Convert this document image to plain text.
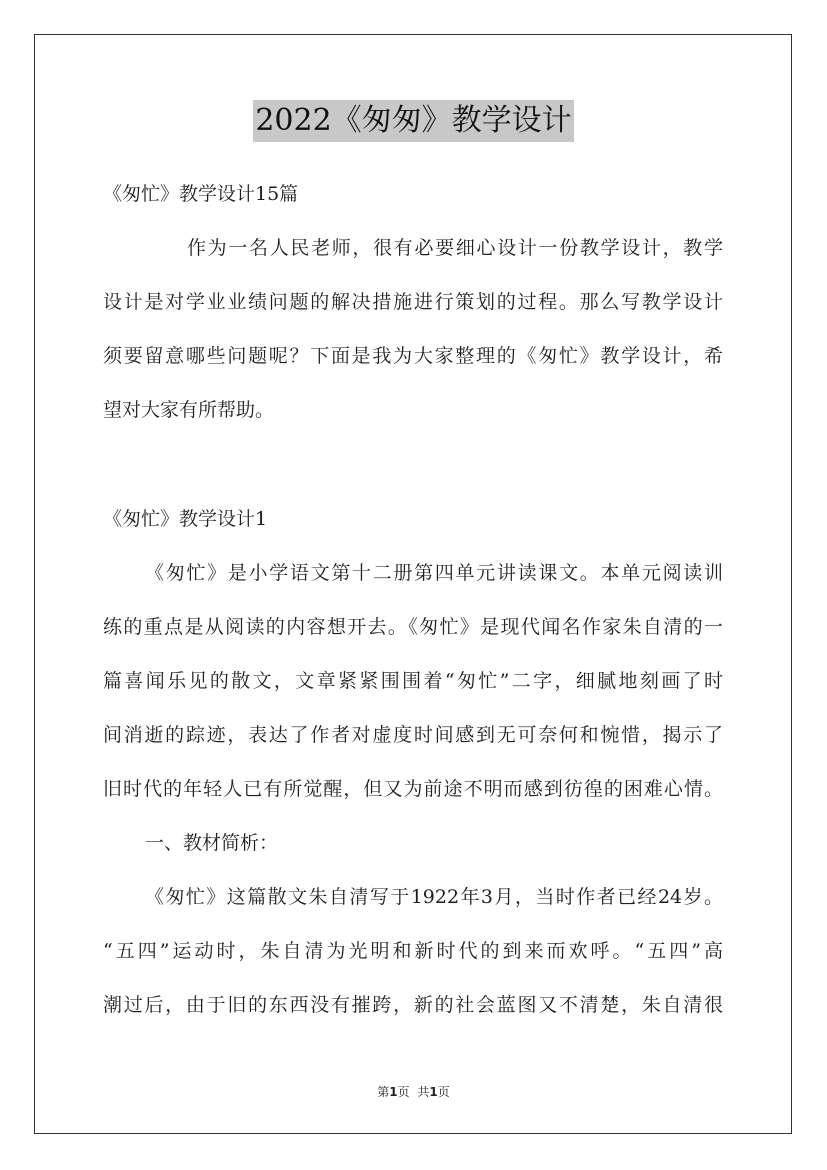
2022《匆匆》教学设计
《匆忙》教学设计15篇
作为一名人民老师，很有必要细心设计一份教学设计，教学
设计是对学业业绩问题的解决措施进行策划的过程。那么写教学设计
须要留意哪些问题呢？下面是我为大家整理的《匆忙》教学设计，希
望对大家有所帮助。
《匆忙》教学设计1
《匆忙》是小学语文第十二册第四单元讲读课文。本单元阅读训
练的重点是从阅读的内容想开去。《匆忙》是现代闻名作家朱自清的一
篇喜闻乐见的散文，文章紧紧围围着“匆忙”二字，细腻地刻画了时
间消逝的踪迹，表达了作者对虚度时间感到无可奈何和惋惜，揭示了
旧时代的年轻人已有所觉醒，但又为前途不明而感到彷徨的困难心情。
一、教材简析：
《匆忙》这篇散文朱自清写于1922年3月，当时作者已经24岁。
“五四”运动时，朱自清为光明和新时代的到来而欢呼。“五四”高
潮过后，由于旧的东西没有摧跨，新的社会蓝图又不清楚，朱自清很
第1页 共1页
